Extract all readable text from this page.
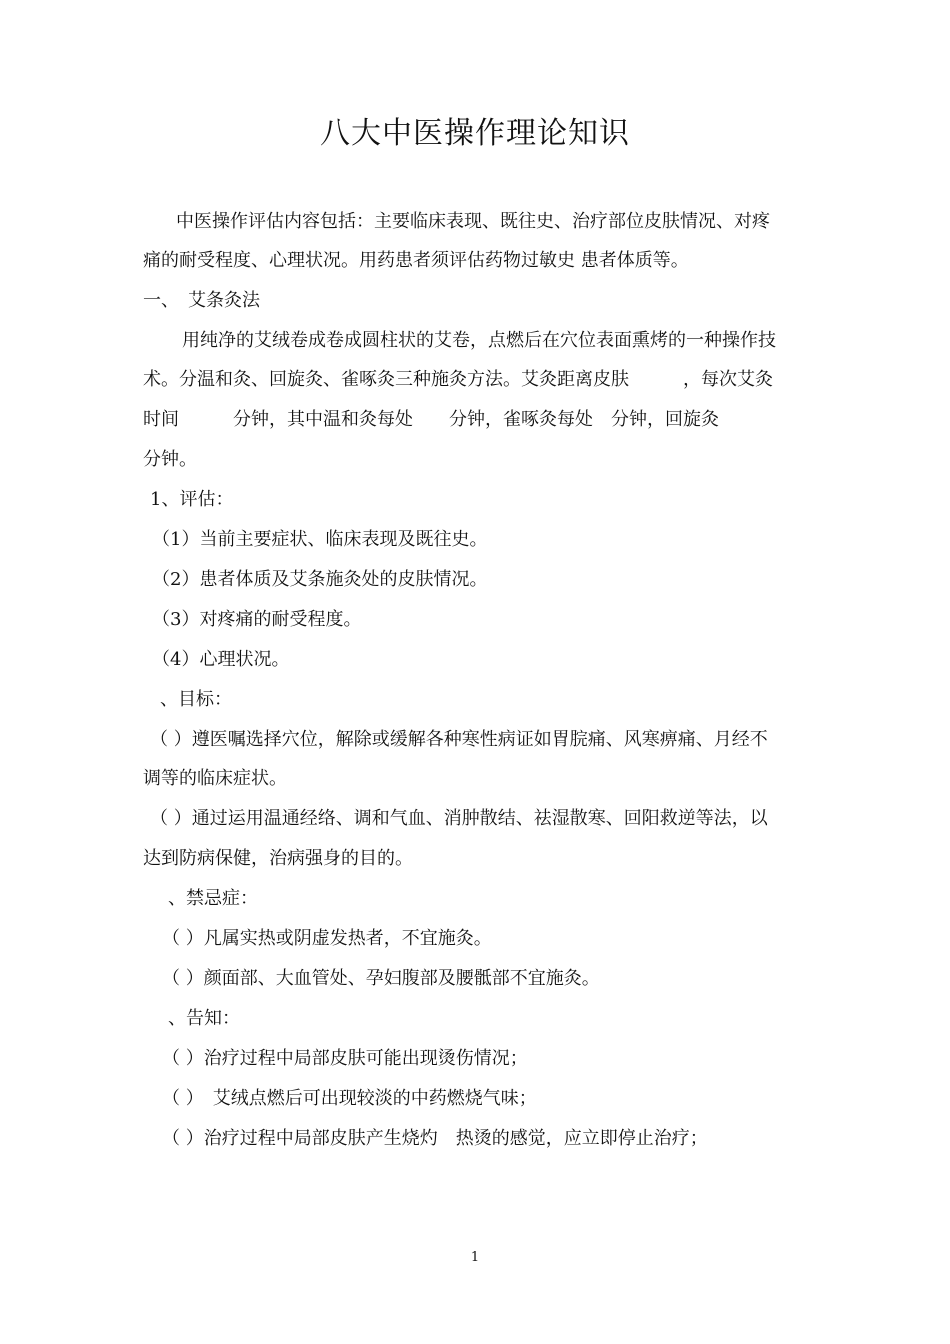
八大中医操作理论知识
中医操作评估内容包括：主要临床表现、既往史、治疗部位皮肤情况、对疼
痛的耐受程度、心理状况。用药患者须评估药物过敏史 患者体质等。
一、　艾条灸法
用纯净的艾绒卷成卷成圆柱状的艾卷，点燃后在穴位表面熏烤的一种操作技
术。分温和灸、回旋灸、雀啄灸三种施灸方法。艾灸距离皮肤　　　，每次艾灸
时间　　　分钟，其中温和灸每处　　分钟，雀啄灸每处　分钟，回旋灸
分钟。
1、评估：
（1）当前主要症状、临床表现及既往史。
（2）患者体质及艾条施灸处的皮肤情况。
（3）对疼痛的耐受程度。
（4）心理状况。
、目标：
（ ）遵医嘱选择穴位，解除或缓解各种寒性病证如胃脘痛、风寒痹痛、月经不
调等的临床症状。
（ ）通过运用温通经络、调和气血、消肿散结、祛湿散寒、回阳救逆等法，以
达到防病保健，治病强身的目的。
、禁忌症：
（ ）凡属实热或阴虚发热者，不宜施灸。
（ ）颜面部、大血管处、孕妇腹部及腰骶部不宜施灸。
、告知：
（ ）治疗过程中局部皮肤可能出现烫伤情况；
（ ）　艾绒点燃后可出现较淡的中药燃烧气味；
（ ）治疗过程中局部皮肤产生烧灼　热烫的感觉，应立即停止治疗；
1
